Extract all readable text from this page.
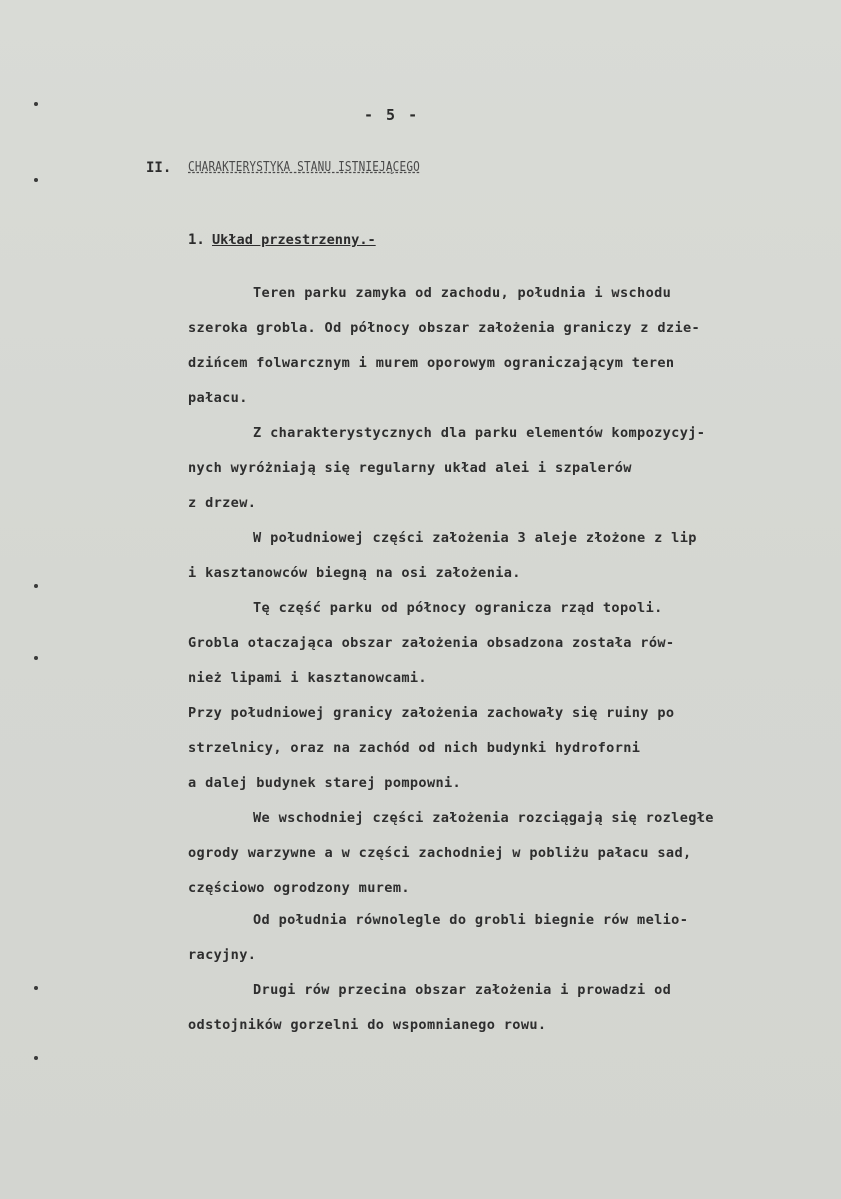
- 5 -
II. CHARAKTERYSTYKA STANU ISTNIEJĄCEGO
1. Układ przestrzenny.-
Teren parku zamyka od zachodu, południa i wschodu
szeroka grobla. Od północy obszar założenia graniczy z dzie-
dzińcem folwarcznym i murem oporowym ograniczającym teren
pałacu.
Z charakterystycznych dla parku elementów kompozycyj-
nych wyróżniają się regularny układ alei i szpalerów
z drzew.
W południowej części założenia 3 aleje złożone z lip
i kasztanowców biegną na osi założenia.
Tę część parku od północy ogranicza rząd topoli.
Grobla otaczająca obszar założenia obsadzona została rów-
nież lipami i kasztanowcami.
Przy południowej granicy założenia zachowały się ruiny po
strzelnicy, oraz na zachód od nich budynki hydroforni
a dalej budynek starej pompowni.
We wschodniej części założenia rozciągają się rozległe
ogrody warzywne a w części zachodniej w pobliżu pałacu sad,
częściowo ogrodzony murem.
Od południa równolegle do grobli biegnie rów melio-
racyjny.
Drugi rów przecina obszar założenia i prowadzi od
odstojników gorzelni do wspomnianego rowu.
